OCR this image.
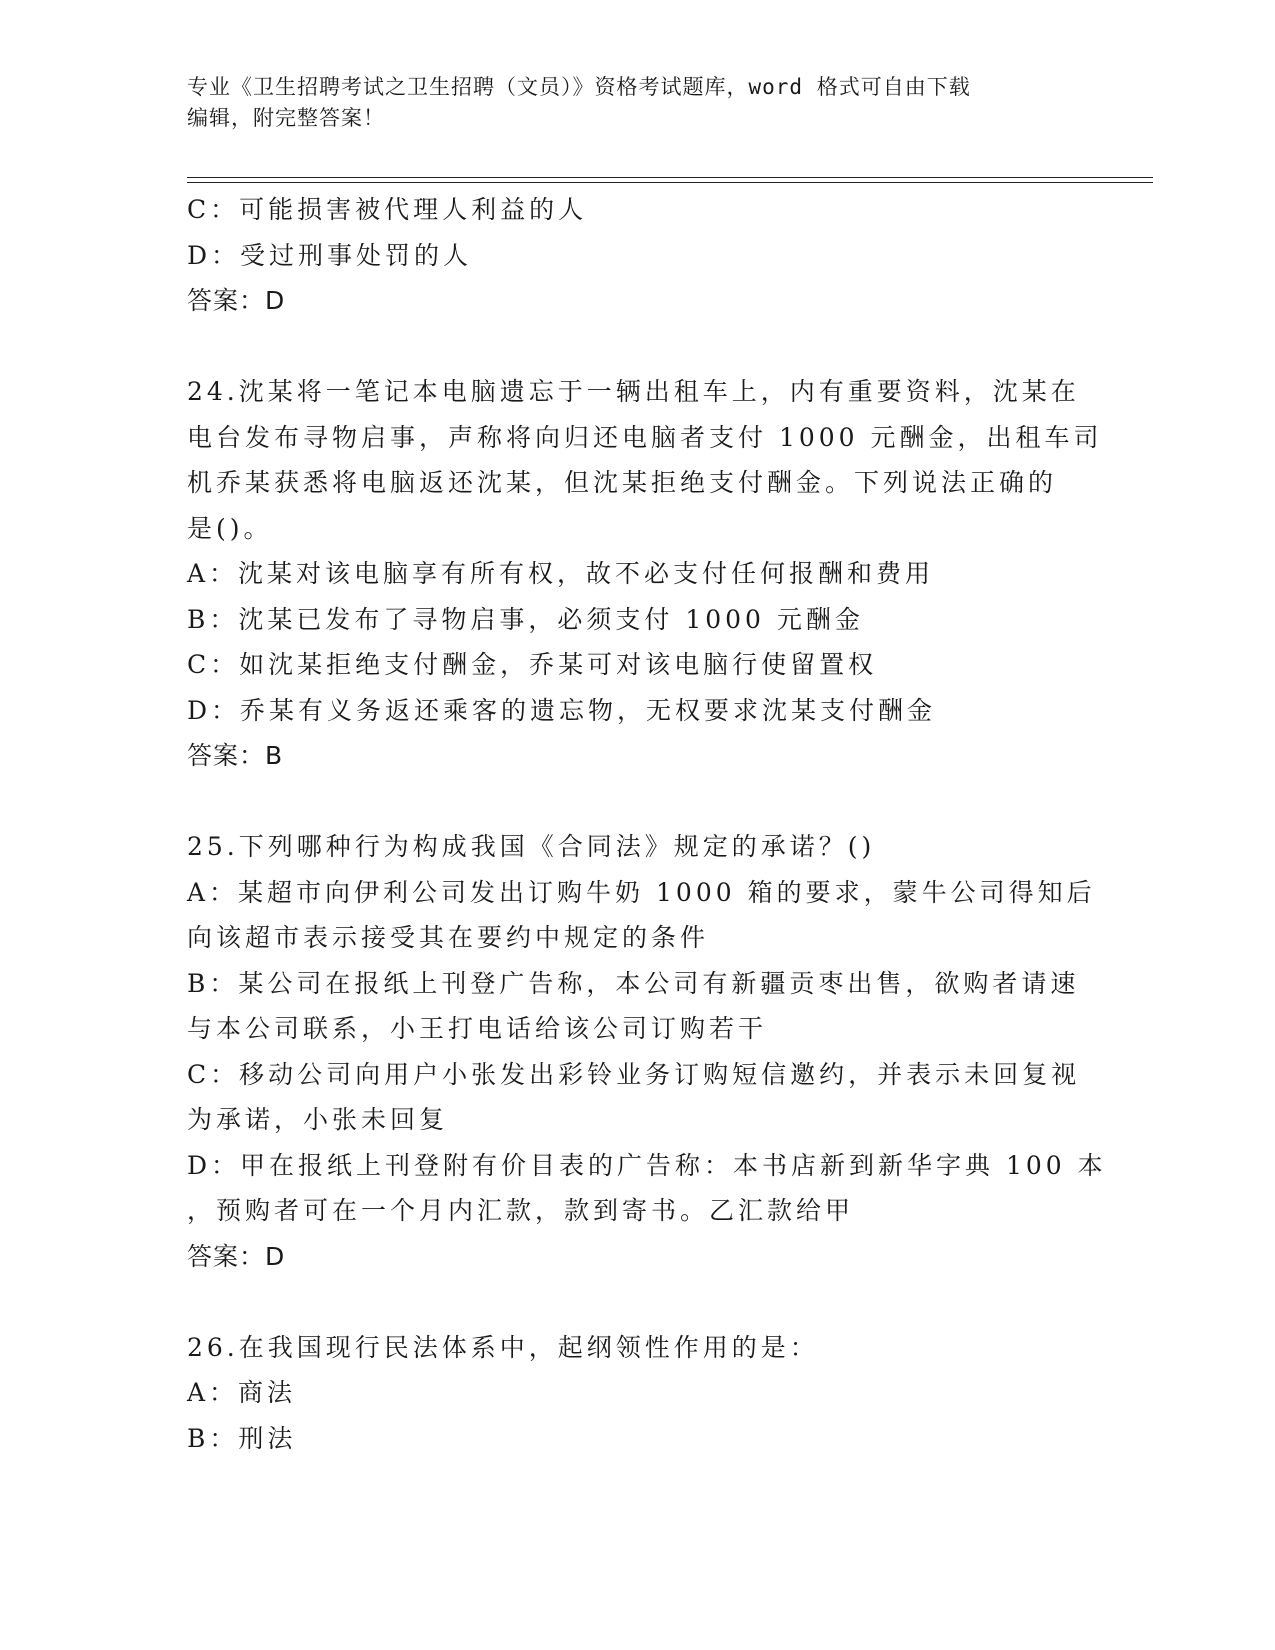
专业《卫生招聘考试之卫生招聘（文员）》资格考试题库，word 格式可自由下载
编辑，附完整答案！
C：可能损害被代理人利益的人
D：受过刑事处罚的人
答案：D
24.沈某将一笔记本电脑遗忘于一辆出租车上，内有重要资料，沈某在
电台发布寻物启事，声称将向归还电脑者支付 1000 元酬金，出租车司
机乔某获悉将电脑返还沈某，但沈某拒绝支付酬金。下列说法正确的
是()。
A：沈某对该电脑享有所有权，故不必支付任何报酬和费用
B：沈某已发布了寻物启事，必须支付 1000 元酬金
C：如沈某拒绝支付酬金，乔某可对该电脑行使留置权
D：乔某有义务返还乘客的遗忘物，无权要求沈某支付酬金
答案：B
25.下列哪种行为构成我国《合同法》规定的承诺？()
A：某超市向伊利公司发出订购牛奶 1000 箱的要求，蒙牛公司得知后
向该超市表示接受其在要约中规定的条件
B：某公司在报纸上刊登广告称，本公司有新疆贡枣出售，欲购者请速
与本公司联系，小王打电话给该公司订购若干
C：移动公司向用户小张发出彩铃业务订购短信邀约，并表示未回复视
为承诺，小张未回复
D：甲在报纸上刊登附有价目表的广告称：本书店新到新华字典 100 本
，预购者可在一个月内汇款，款到寄书。乙汇款给甲
答案：D
26.在我国现行民法体系中，起纲领性作用的是：
A：商法
B：刑法
